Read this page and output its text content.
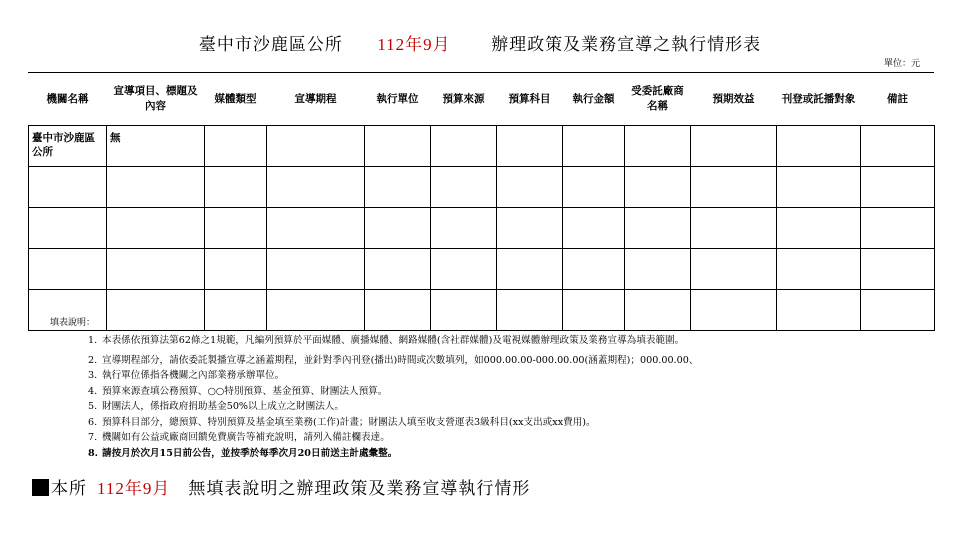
臺中市沙鹿區公所 112年9月 辦理政策及業務宣導之執行情形表
單位：元
機關名稱	宣導項目、標題及內容	媒體類型	宣導期程	執行單位	預算來源	預算科目	執行金額	受委託廠商名稱	預期效益	刊登或託播對象	備註
臺中市沙鹿區公所	無										

填表說明：
1. 本表係依預算法第62條之1規範，凡編列預算於平面媒體、廣播媒體、網路媒體(含社群媒體)及電視媒體辦理政策及業務宣導為填表範圍。
2. 宣導期程部分，請依委託製播宣導之涵蓋期程，並針對季內刊登(播出)時間或次數填列，如000.00.00-000.00.00(涵蓋期程)；000.00.00、
3. 執行單位係指各機關之內部業務承辦單位。
4. 預算來源查填公務預算、○○特別預算、基金預算、財團法人預算。
5. 財團法人，係指政府捐助基金50%以上成立之財團法人。
6. 預算科目部分，總預算、特別預算及基金填至業務(工作)計畫；財團法人填至收支營運表3級科目(xx支出或xx費用)。
7. 機關如有公益或廠商回饋免費廣告等補充說明，請列入備註欄表達。
8. 請按月於次月15日前公告，並按季於每季次月20日前送主計處彙整。
本所 112年9月 無填表說明之辦理政策及業務宣導執行情形
